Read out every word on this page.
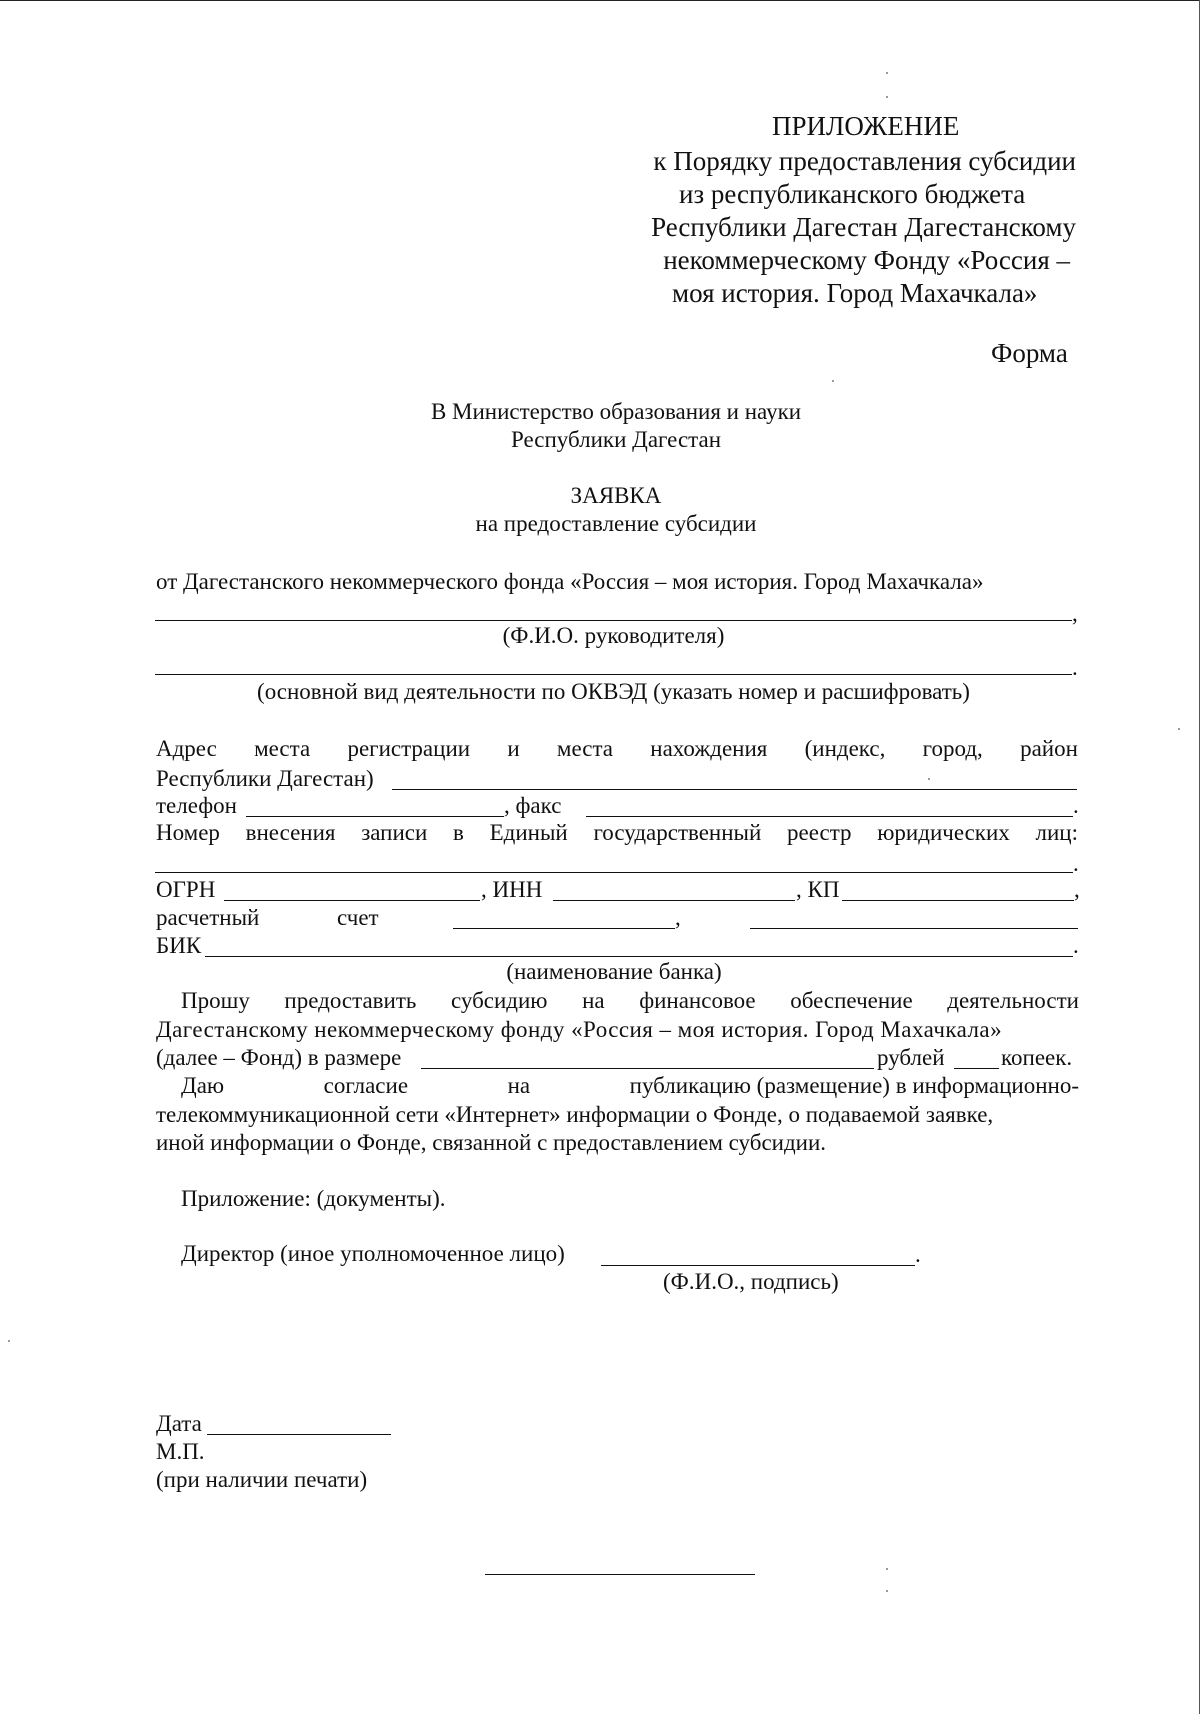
ПРИЛОЖЕНИЕ
к Порядку предоставления субсидии
из республиканского бюджета
Республики Дагестан Дагестанскому
некоммерческому Фонду «Россия –
моя история. Город Махачкала»
Форма
В Министерство образования и науки
Республики Дагестан
ЗАЯВКА
на предоставление субсидии
от Дагестанского некоммерческого фонда «Россия – моя история. Город Махачкала»
,
(Ф.И.О. руководителя)
.
(основной вид деятельности по ОКВЭД (указать номер и расшифровать)
Адрес места регистрации и места нахождения (индекс, город, район
Республики Дагестан)
телефон	, факс	.
Номер внесения записи в Единый государственный реестр юридических лиц:
.
ОГРН	, ИНН	, КП	,
расчетный	счет	,
БИК	.
(наименование банка)
Прошу предоставить субсидию на финансовое обеспечение деятельности
Дагестанскому некоммерческому фонду «Россия – моя история. Город Махачкала»
(далее – Фонд) в размере	рублей копеек.
Даю	согласие	на	публикацию (размещение) в информационно-
телекоммуникационной сети «Интернет» информации о Фонде, о подаваемой заявке,
иной информации о Фонде, связанной с предоставлением субсидии.
Приложение: (документы).
Директор (иное уполномоченное лицо)	.
(Ф.И.О., подпись)
Дата
М.П.
(при наличии печати)
